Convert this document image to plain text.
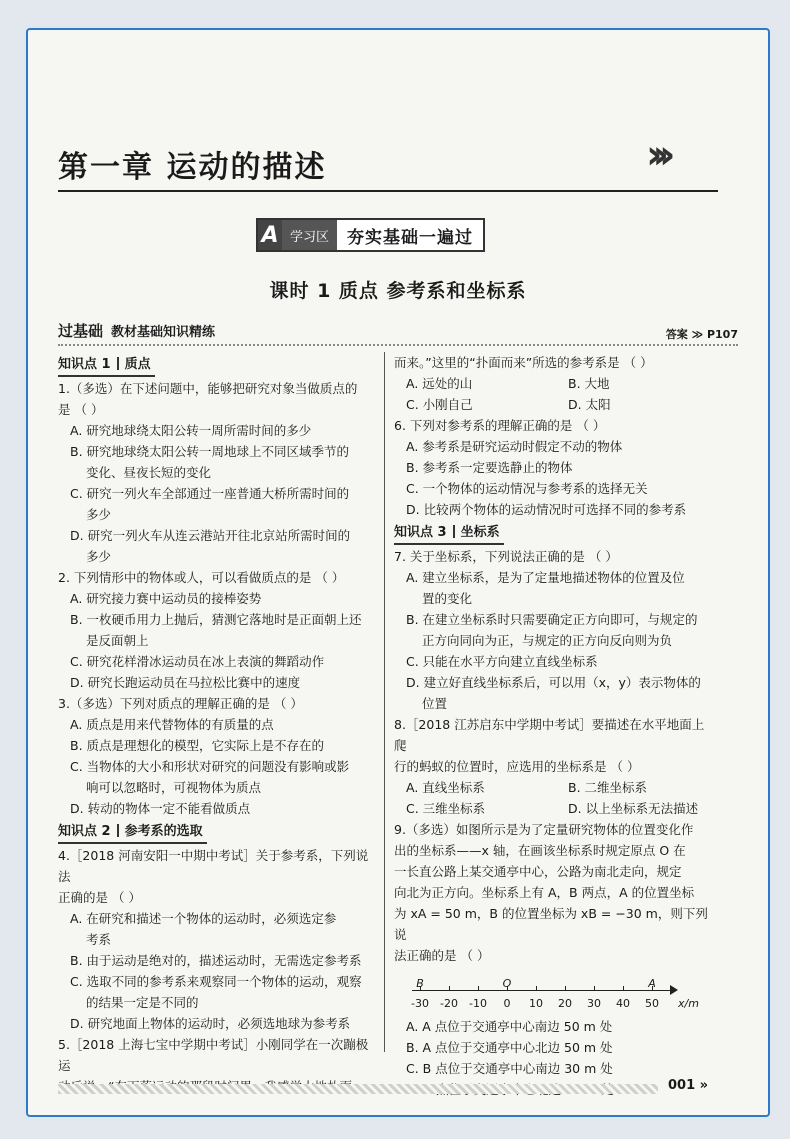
第一章 运动的描述	›››
A 学习区	夯实基础一遍过
课时 1 质点 参考系和坐标系
过基础 教材基础知识精练	答案 ≫ P107
知识点 1 质点
1.（多选）在下述问题中，能够把研究对象当做质点的
是 （ ）
A. 研究地球绕太阳公转一周所需时间的多少
B. 研究地球绕太阳公转一周地球上不同区域季节的
变化、昼夜长短的变化
C. 研究一列火车全部通过一座普通大桥所需时间的
多少
D. 研究一列火车从连云港站开往北京站所需时间的
多少
2. 下列情形中的物体或人，可以看做质点的是 （ ）
A. 研究接力赛中运动员的接棒姿势
B. 一枚硬币用力上抛后，猜测它落地时是正面朝上还
是反面朝上
C. 研究花样滑冰运动员在冰上表演的舞蹈动作
D. 研究长跑运动员在马拉松比赛中的速度
3.（多选）下列对质点的理解正确的是 （ ）
A. 质点是用来代替物体的有质量的点
B. 质点是理想化的模型，它实际上是不存在的
C. 当物体的大小和形状对研究的问题没有影响或影
响可以忽略时，可视物体为质点
D. 转动的物体一定不能看做质点
知识点 2 参考系的选取
4.［2018 河南安阳一中期中考试］关于参考系，下列说法
正确的是 （ ）
A. 在研究和描述一个物体的运动时，必须选定参
考系
B. 由于运动是绝对的，描述运动时，无需选定参考系
C. 选取不同的参考系来观察同一个物体的运动，观察
的结果一定是不同的
D. 研究地面上物体的运动时，必须选地球为参考系
5.［2018 上海七宝中学期中考试］小刚同学在一次蹦极运
而来。”这里的“扑面而来”所选的参考系是 （ ）
A. 远处的山	B. 大地
C. 小刚自己	D. 太阳
6. 下列对参考系的理解正确的是 （ ）
A. 参考系是研究运动时假定不动的物体
B. 参考系一定要选静止的物体
C. 一个物体的运动情况与参考系的选择无关
D. 比较两个物体的运动情况时可选择不同的参考系
知识点 3 坐标系
7. 关于坐标系，下列说法正确的是 （ ）
A. 建立坐标系，是为了定量地描述物体的位置及位
置的变化
B. 在建立坐标系时只需要确定正方向即可，与规定的
正方向同向为正，与规定的正方向反向则为负
C. 只能在水平方向建立直线坐标系
D. 建立好直线坐标系后，可以用（x，y）表示物体的
位置
8.［2018 江苏启东中学期中考试］要描述在水平地面上爬
行的蚂蚁的位置时，应选用的坐标系是 （ ）
A. 直线坐标系	B. 二维坐标系
C. 三维坐标系	D. 以上坐标系无法描述
9.（多选）如图所示是为了定量研究物体的位置变化作
出的坐标系——x 轴，在画该坐标系时规定原点 O 在
一长直公路上某交通亭中心，公路为南北走向，规定
向北为正方向。坐标系上有 A，B 两点，A 的位置坐标
为 xA = 50 m，B 的位置坐标为 xB = −30 m，则下列说
法正确的是 （ ）
x/m
-30 -20 -10 0 10 20 30 40 50
B	O	A
A. A 点位于交通亭中心南边 50 m 处
B. A 点位于交通亭中心北边 50 m 处
C. B 点位于交通亭中心南边 30 m 处
001 »
